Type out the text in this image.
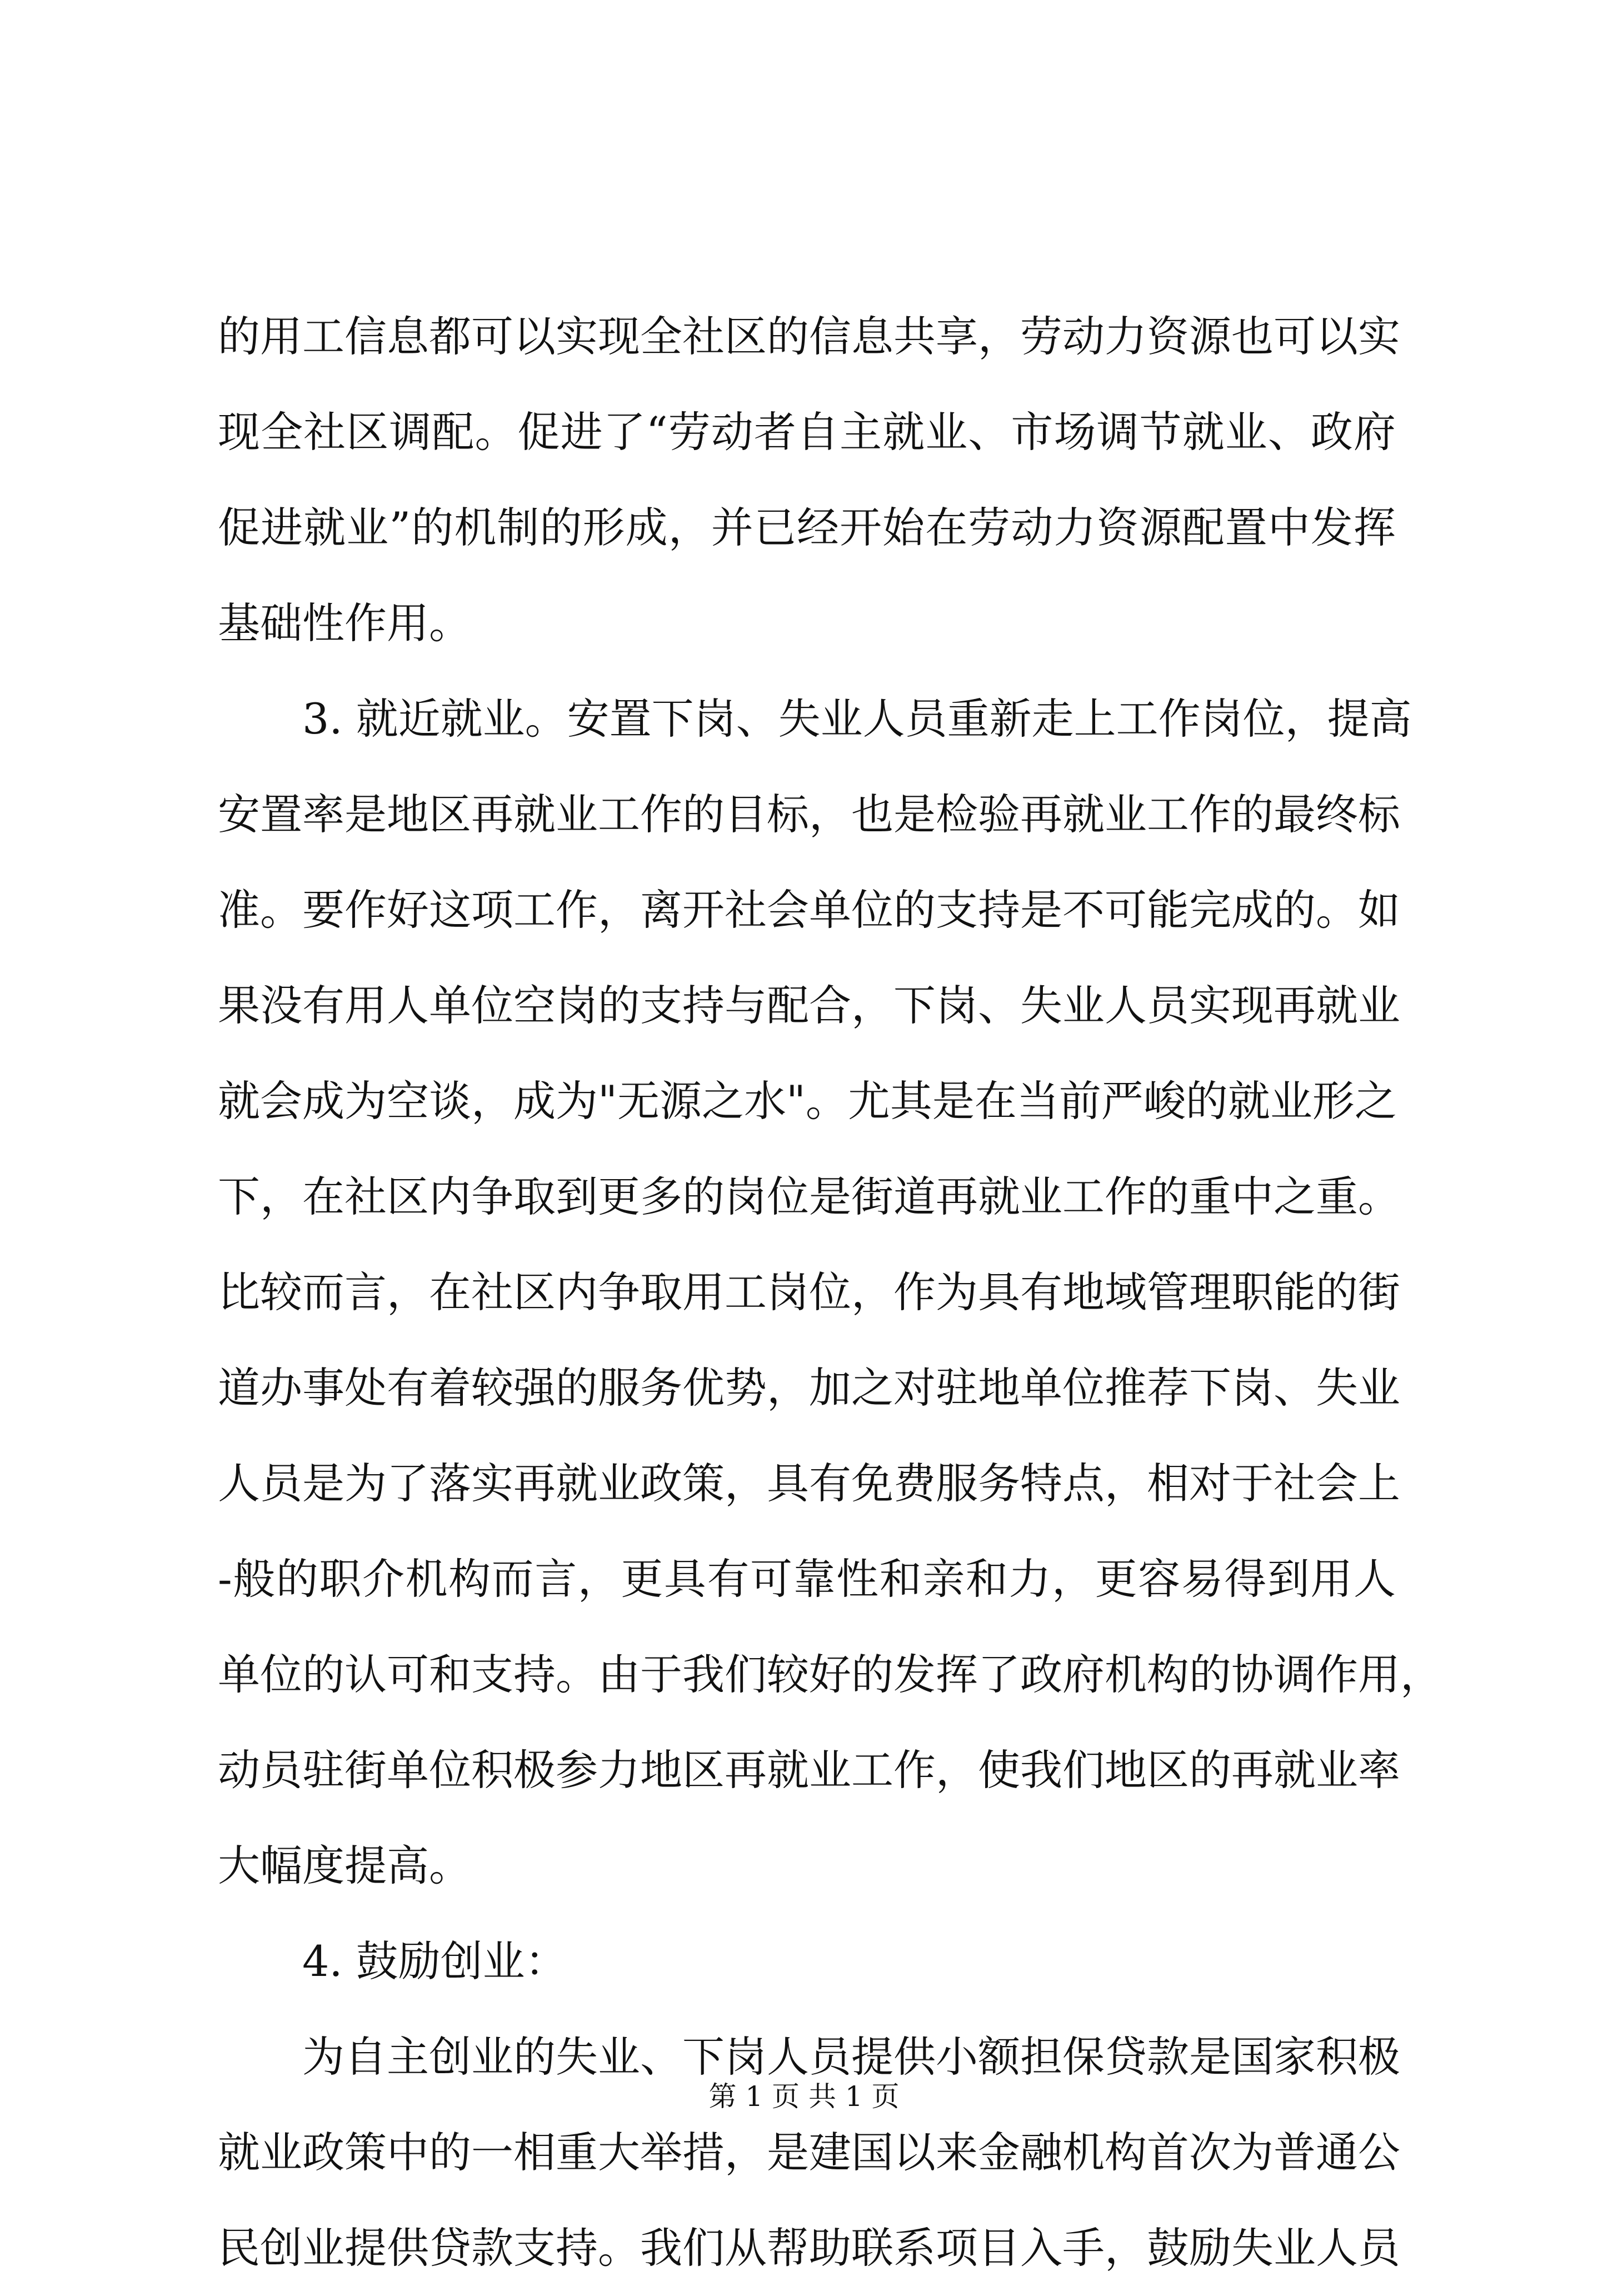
的用工信息都可以实现全社区的信息共享，劳动力资源也可以实
现全社区调配。促进了“劳动者自主就业、市场调节就业、政府
促进就业”的机制的形成，并已经开始在劳动力资源配置中发挥
基础性作用。
3. 就近就业。安置下岗、失业人员重新走上工作岗位，提高
安置率是地区再就业工作的目标，也是检验再就业工作的最终标
准。要作好这项工作，离开社会单位的支持是不可能完成的。如
果没有用人单位空岗的支持与配合，下岗、失业人员实现再就业
就会成为空谈，成为"无源之水"。尤其是在当前严峻的就业形之
下，在社区内争取到更多的岗位是街道再就业工作的重中之重。
比较而言，在社区内争取用工岗位，作为具有地域管理职能的街
道办事处有着较强的服务优势，加之对驻地单位推荐下岗、失业
人员是为了落实再就业政策，具有免费服务特点，相对于社会上
-般的职介机构而言，更具有可靠性和亲和力，更容易得到用人
单位的认可和支持。由于我们较好的发挥了政府机构的协调作用，
动员驻街单位积极参力地区再就业工作，使我们地区的再就业率
大幅度提高。
4. 鼓励创业：
为自主创业的失业、下岗人员提供小额担保贷款是国家积极
就业政策中的一相重大举措，是建国以来金融机构首次为普通公
民创业提供贷款支持。我们从帮助联系项目入手，鼓励失业人员
第 1 页 共 1 页
